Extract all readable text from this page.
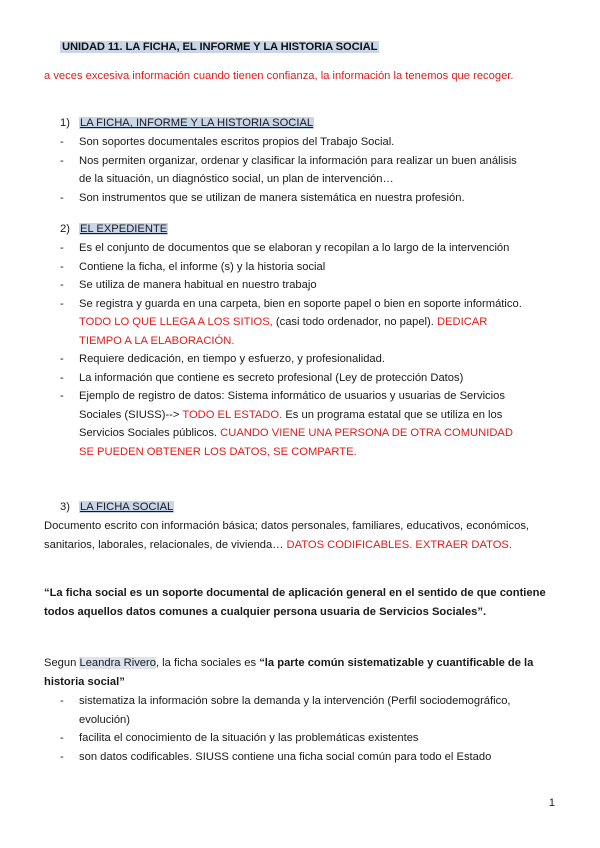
UNIDAD 11. LA FICHA, EL INFORME Y LA HISTORIA SOCIAL
a veces excesiva información cuando tienen confianza, la información la tenemos que recoger.
1) LA FICHA, INFORME Y LA HISTORIA SOCIAL
- Son soportes documentales escritos propios del Trabajo Social.
- Nos permiten organizar, ordenar y clasificar la información para realizar un buen análisis de la situación, un diagnóstico social, un plan de intervención…
- Son instrumentos que se utilizan de manera sistemática en nuestra profesión.
2) EL EXPEDIENTE
- Es el conjunto de documentos que se elaboran y recopilan a lo largo de la intervención
- Contiene la ficha, el informe (s) y la historia social
- Se utiliza de manera habitual en nuestro trabajo
- Se registra y guarda en una carpeta, bien en soporte papel o bien en soporte informático. TODO LO QUE LLEGA A LOS SITIOS, (casi todo ordenador, no papel). DEDICAR TIEMPO A LA ELABORACIÓN.
- Requiere dedicación, en tiempo y esfuerzo, y profesionalidad.
- La información que contiene es secreto profesional (Ley de protección Datos)
- Ejemplo de registro de datos: Sistema informático de usuarios y usuarias de Servicios Sociales (SIUSS)--> TODO EL ESTADO. Es un programa estatal que se utiliza en los Servicios Sociales públicos. CUANDO VIENE UNA PERSONA DE OTRA COMUNIDAD SE PUEDEN OBTENER LOS DATOS, SE COMPARTE.
3) LA FICHA SOCIAL
Documento escrito con información básica; datos personales, familiares, educativos, económicos, sanitarios, laborales, relacionales, de vivienda… DATOS CODIFICABLES. EXTRAER DATOS.
“La ficha social es un soporte documental de aplicación general en el sentido de que contiene todos aquellos datos comunes a cualquier persona usuaria de Servicios Sociales”.
Segun Leandra Rivero, la ficha sociales es “la parte común sistematizable y cuantificable de la historia social”
- sistematiza la información sobre la demanda y la intervención (Perfil sociodemográfico, evolución)
- facilita el conocimiento de la situación y las problemáticas existentes
- son datos codificables. SIUSS contiene una ficha social común para todo el Estado
1
